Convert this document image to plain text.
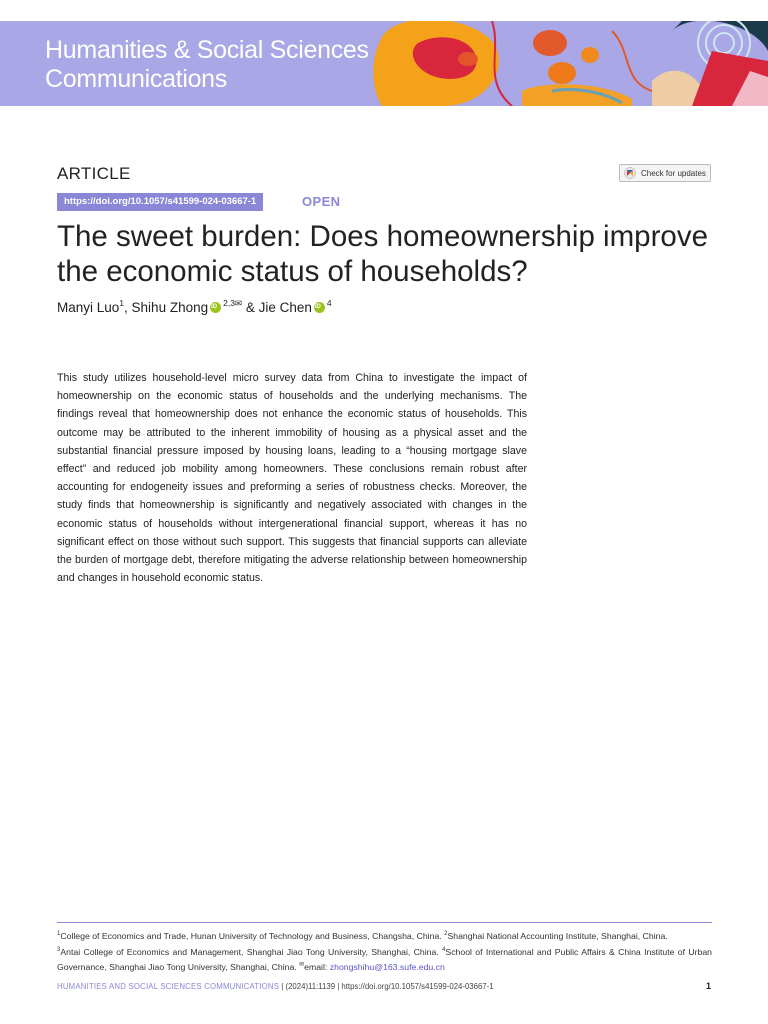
Humanities & Social Sciences
Communications
ARTICLE	Check for updates
https://doi.org/10.1057/s41599-024-03667-1	OPEN
The sweet burden: Does homeownership improve the economic status of households?
Manyi Luo$^1$, Shihu Zhong iD $^{2,3✉}$ & Jie Chen iD $^4$

This study utilizes household-level micro survey data from China to investigate the impact of homeownership on the economic status of households and the underlying mechanisms. The findings reveal that homeownership does not enhance the economic status of households. This outcome may be attributed to the inherent immobility of housing as a physical asset and the substantial financial pressure imposed by housing loans, leading to a “housing mortgage slave effect” and reduced job mobility among homeowners. These conclusions remain robust after accounting for endogeneity issues and preforming a series of robustness checks. Moreover, the study finds that homeownership is significantly and negatively associated with changes in the economic status of households without intergenerational financial support, whereas it has no significant effect on those without such support. This suggests that financial supports can alleviate the burden of mortgage debt, therefore mitigating the adverse relationship between homeownership and changes in household economic status.

$^1$College of Economics and Trade, Hunan University of Technology and Business, Changsha, China. $^2$Shanghai National Accounting Institute, Shanghai, China.
$^3$Antai College of Economics and Management, Shanghai Jiao Tong University, Shanghai, China. $^4$School of International and Public Affairs & China Institute of Urban Governance, Shanghai Jiao Tong University, Shanghai, China. ✉email: zhongshihu@163.sufe.edu.cn

HUMANITIES AND SOCIAL SCIENCES COMMUNICATIONS | (2024)11:1139 | https://doi.org/10.1057/s41599-024-03667-1	1
